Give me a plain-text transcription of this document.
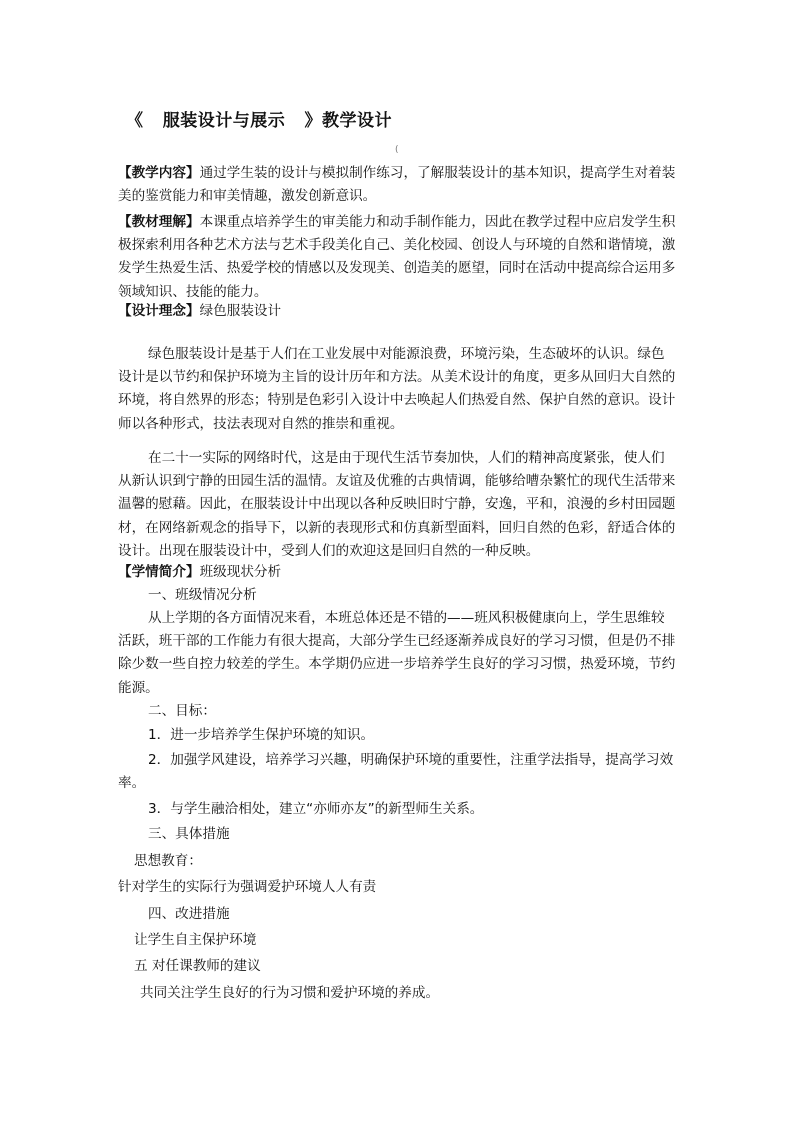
《   服装设计与展示   》教学设计
(

【教学内容】通过学生装的设计与模拟制作练习，了解服装设计的基本知识，提高学生对着装美的鉴赏能力和审美情趣，激发创新意识。

【教材理解】本课重点培养学生的审美能力和动手制作能力，因此在教学过程中应启发学生积极探索利用各种艺术方法与艺术手段美化自己、美化校园、创设人与环境的自然和谐情境，激发学生热爱生活、热爱学校的情感以及发现美、创造美的愿望，同时在活动中提高综合运用多领域知识、技能的能力。

【设计理念】绿色服装设计

绿色服装设计是基于人们在工业发展中对能源浪费，环境污染，生态破坏的认识。绿色设计是以节约和保护环境为主旨的设计历年和方法。从美术设计的角度，更多从回归大自然的环境，将自然界的形态；特别是色彩引入设计中去唤起人们热爱自然、保护自然的意识。设计师以各种形式，技法表现对自然的推崇和重视。

在二十一实际的网络时代，这是由于现代生活节奏加快，人们的精神高度紧张，使人们从新认识到宁静的田园生活的温情。友谊及优雅的古典情调，能够给嘈杂繁忙的现代生活带来温馨的慰藉。因此，在服装设计中出现以各种反映旧时宁静，安逸，平和，浪漫的乡村田园题材，在网络新观念的指导下，以新的表现形式和仿真新型面料，回归自然的色彩，舒适合体的设计。出现在服装设计中，受到人们的欢迎这是回归自然的一种反映。

【学情简介】班级现状分析

一、班级情况分析

从上学期的各方面情况来看，本班总体还是不错的——班风积极健康向上，学生思维较活跃，班干部的工作能力有很大提高，大部分学生已经逐渐养成良好的学习习惯，但是仍不排除少数一些自控力较差的学生。本学期仍应进一步培养学生良好的学习习惯，热爱环境，节约能源。

二、目标：

1．进一步培养学生保护环境的知识。

2．加强学风建设，培养学习兴趣，明确保护环境的重要性，注重学法指导，提高学习效率。

3．与学生融洽相处，建立“亦师亦友”的新型师生关系。

三、具体措施

思想教育：

针对学生的实际行为强调爱护环境人人有责

四、改进措施

让学生自主保护环境

五 对任课教师的建议

共同关注学生良好的行为习惯和爱护环境的养成。
